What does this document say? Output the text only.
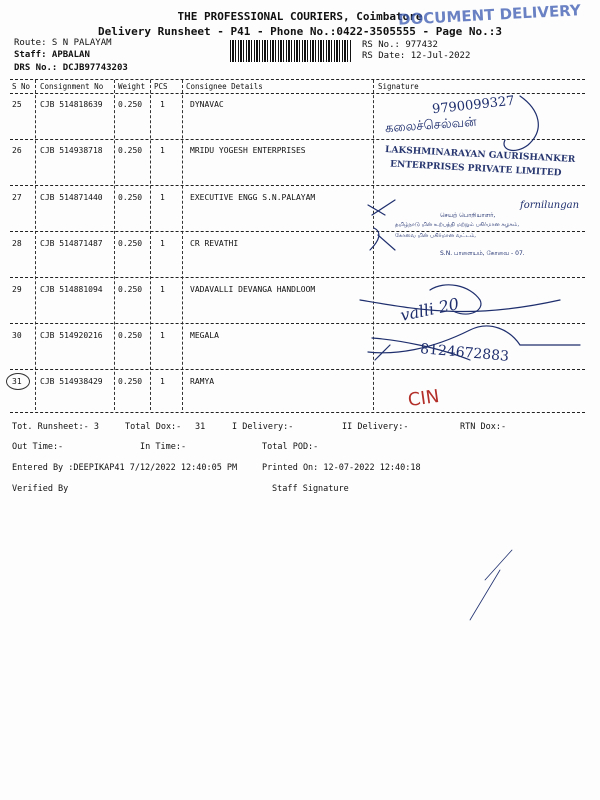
THE PROFESSIONAL COURIERS, Coimbatore
Delivery Runsheet - P41 - Phone No.:0422-3505555 - Page No.:3
DOCUMENT DELIVERY
Route: S N PALAYAM
Staff: APBALAN
DRS No.: DCJB97743203
RS No.: 977432
RS Date: 12-Jul-2022
S No Consignment No Weight PCS Consignee Details	Signature
25 CJB 514818639 0.250 1	DYNAVAC
26 CJB 514938718 0.250 1	MRIDU YOGESH ENTERPRISES
27 CJB 514871440 0.250 1	EXECUTIVE ENGG S.N.PALAYAM
28 CJB 514871487 0.250 1	CR REVATHI
29 CJB 514881094 0.250 1	VADAVALLI DEVANGA HANDLOOM
30 CJB 514920216 0.250 1	MEGALA
31 CJB 514938429 0.250 1	RAMYA
9790099327
கலைச்செல்வன்
LAKSHMINARAYAN GAURISHANKER
ENTERPRISES PRIVATE LIMITED
fornilungan
செயற் பொறியாளர்,
தமிழ்நாடு மின் உற்பத்தி மற்றும் பகிர்மான கழகம்,
கோவை மின் பகிர்மான வட்டம்,
S.N. பாளையம், கோவை - 07.
valli 20
8124672883
CIN
Tot. Runsheet:- 3	Total Dox:- 31	I Delivery:-	II Delivery:-	RTN Dox:-
Out Time:-	In Time:-	Total POD:-
Entered By :DEEPIKAP41 7/12/2022 12:40:05 PM	Printed On: 12-07-2022 12:40:18
Verified By	Staff Signature
